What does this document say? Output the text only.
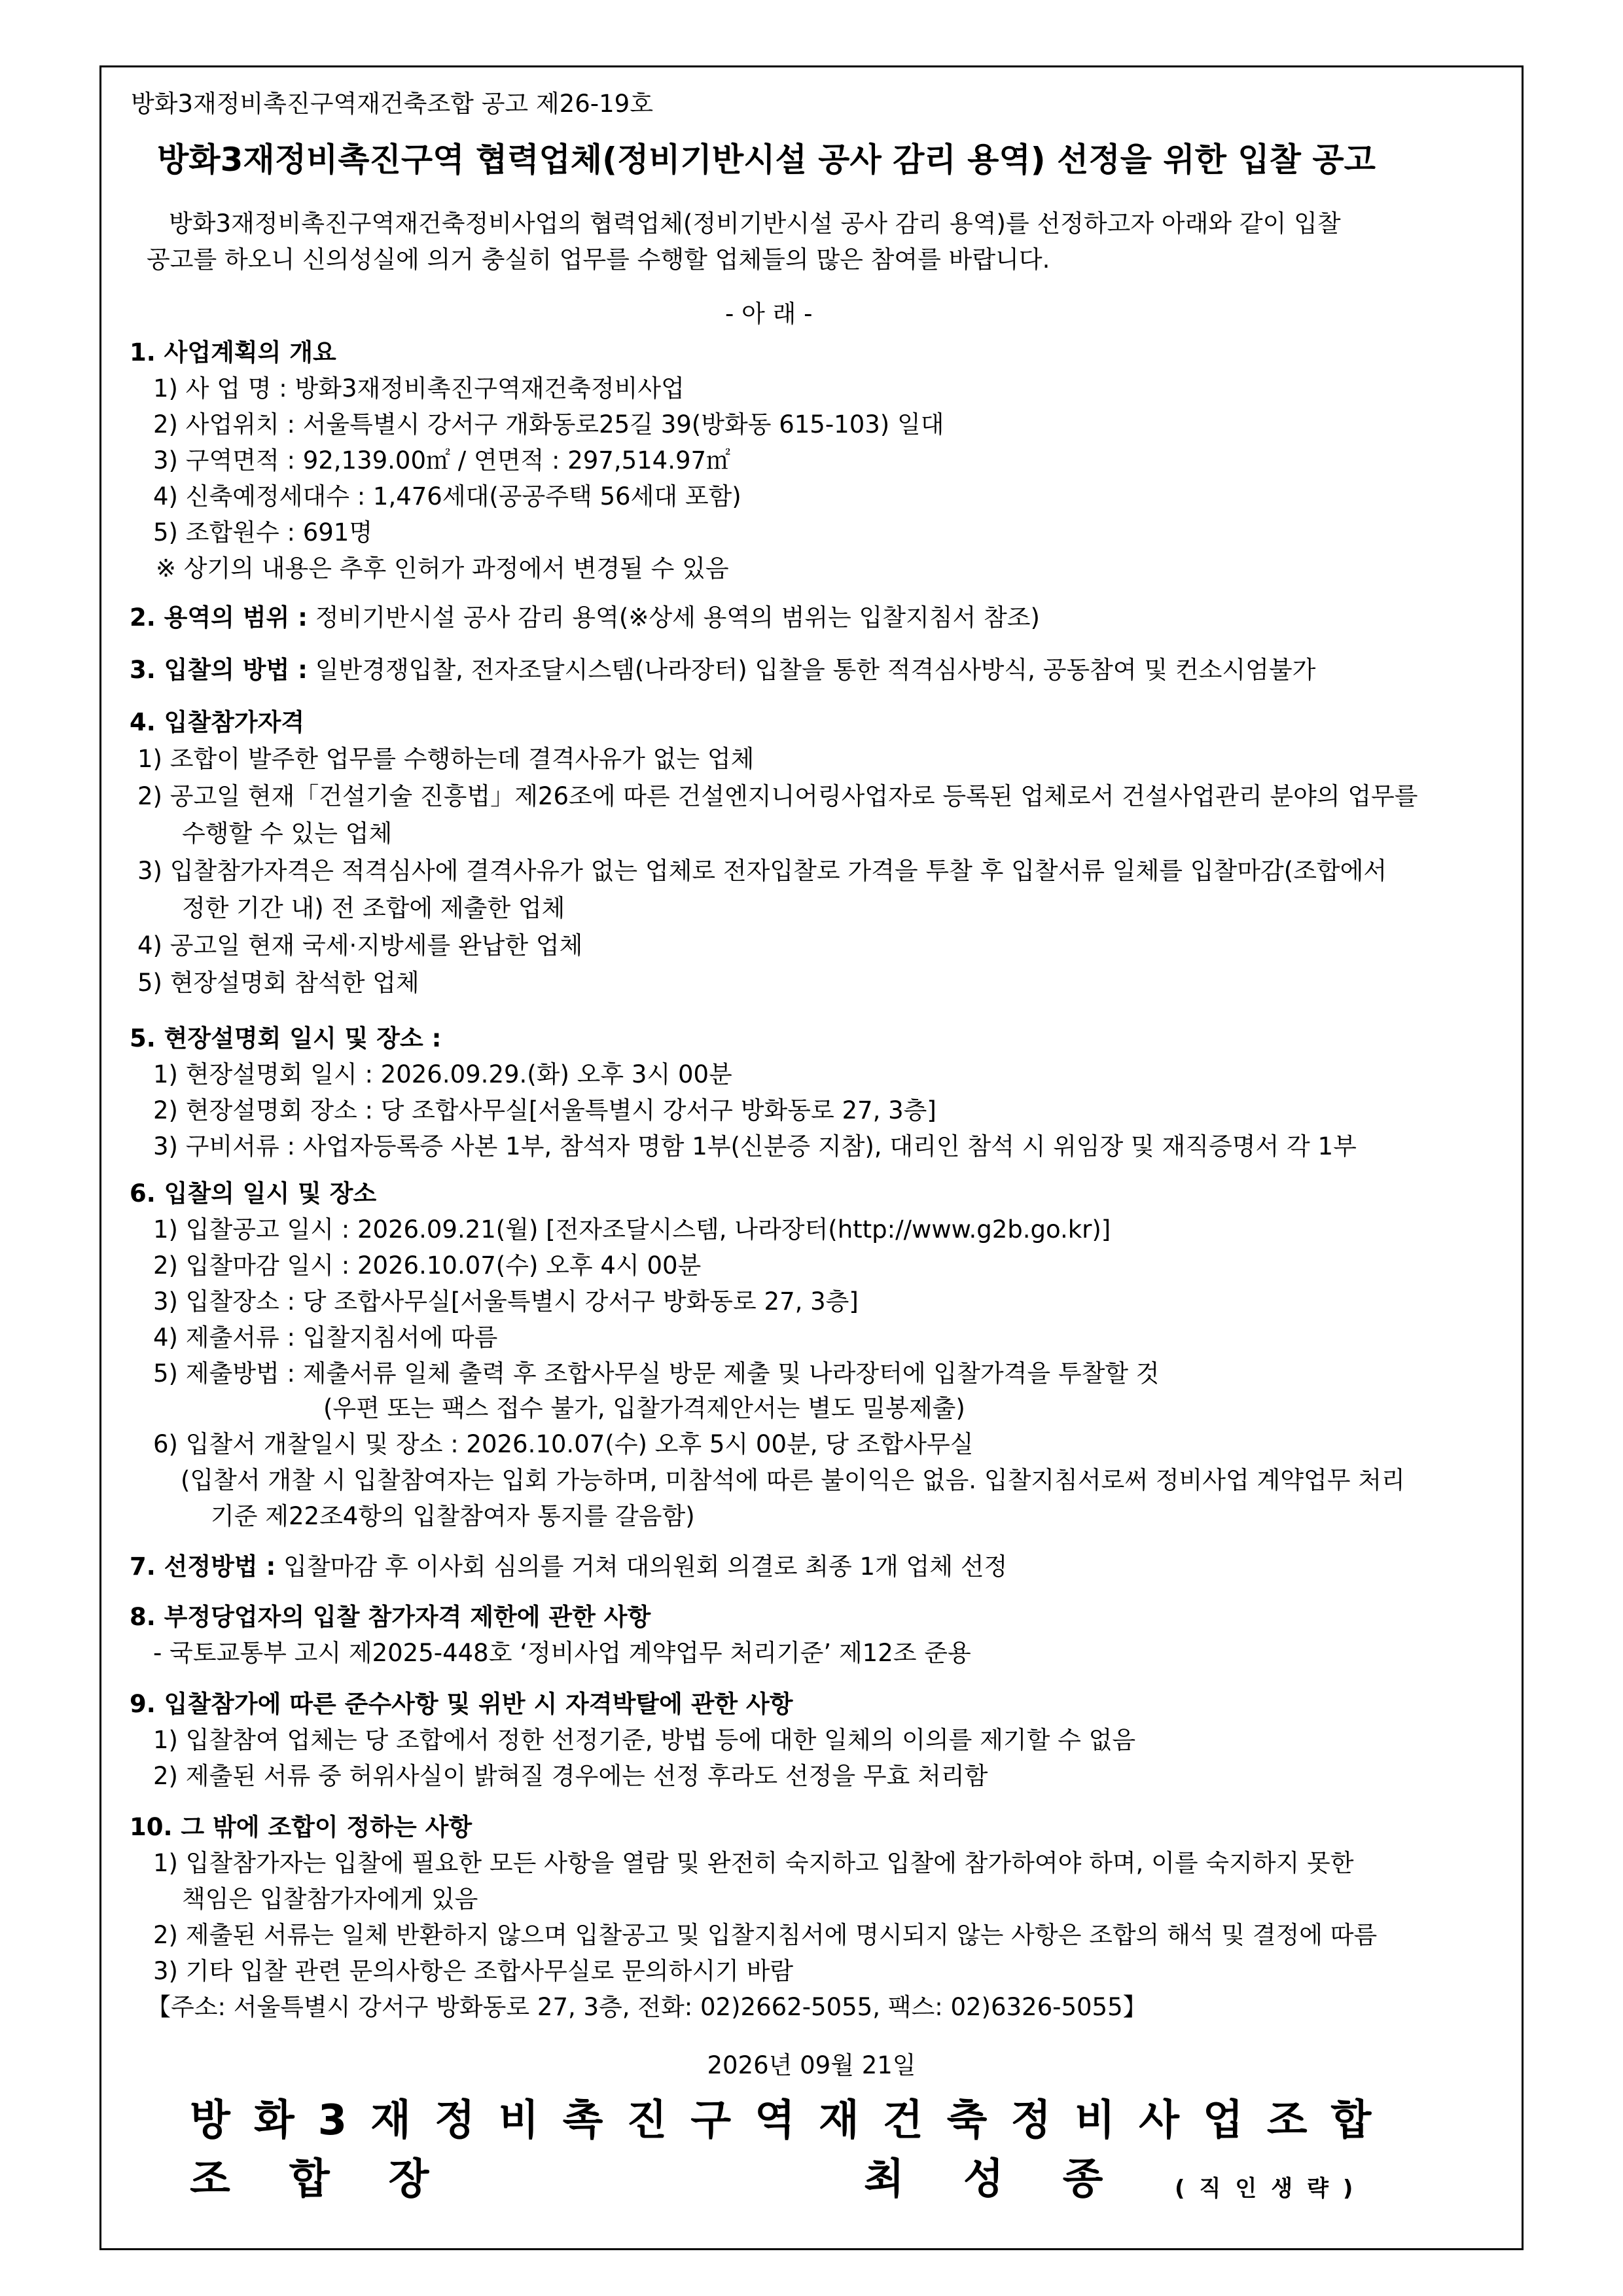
방화3재정비촉진구역재건축조합 공고 제26-19호
방화3재정비촉진구역 협력업체(정비기반시설 공사 감리 용역) 선정을 위한 입찰 공고
방화3재정비촉진구역재건축정비사업의 협력업체(정비기반시설 공사 감리 용역)를 선정하고자 아래와 같이 입찰
공고를 하오니 신의성실에 의거 충실히 업무를 수행할 업체들의 많은 참여를 바랍니다.
- 아 래 -
1. 사업계획의 개요
1) 사 업 명 : 방화3재정비촉진구역재건축정비사업
2) 사업위치 : 서울특별시 강서구 개화동로25길 39(방화동 615-103) 일대
3) 구역면적 : 92,139.00㎡ / 연면적 : 297,514.97㎡
4) 신축예정세대수 : 1,476세대(공공주택 56세대 포함)
5) 조합원수 : 691명
※ 상기의 내용은 추후 인허가 과정에서 변경될 수 있음
2. 용역의 범위 : 정비기반시설 공사 감리 용역(※상세 용역의 범위는 입찰지침서 참조)
3. 입찰의 방법 : 일반경쟁입찰, 전자조달시스템(나라장터) 입찰을 통한 적격심사방식, 공동참여 및 컨소시엄불가
4. 입찰참가자격
1) 조합이 발주한 업무를 수행하는데 결격사유가 없는 업체
2) 공고일 현재「건설기술 진흥법」제26조에 따른 건설엔지니어링사업자로 등록된 업체로서 건설사업관리 분야의 업무를
수행할 수 있는 업체
3) 입찰참가자격은 적격심사에 결격사유가 없는 업체로 전자입찰로 가격을 투찰 후 입찰서류 일체를 입찰마감(조합에서
정한 기간 내) 전 조합에 제출한 업체
4) 공고일 현재 국세·지방세를 완납한 업체
5) 현장설명회 참석한 업체
5. 현장설명회 일시 및 장소 :
1) 현장설명회 일시 : 2026.09.29.(화) 오후 3시 00분
2) 현장설명회 장소 : 당 조합사무실[서울특별시 강서구 방화동로 27, 3층]
3) 구비서류 : 사업자등록증 사본 1부, 참석자 명함 1부(신분증 지참), 대리인 참석 시 위임장 및 재직증명서 각 1부
6. 입찰의 일시 및 장소
1) 입찰공고 일시 : 2026.09.21(월) [전자조달시스템, 나라장터(http://www.g2b.go.kr)]
2) 입찰마감 일시 : 2026.10.07(수) 오후 4시 00분
3) 입찰장소 : 당 조합사무실[서울특별시 강서구 방화동로 27, 3층]
4) 제출서류 : 입찰지침서에 따름
5) 제출방법 : 제출서류 일체 출력 후 조합사무실 방문 제출 및 나라장터에 입찰가격을 투찰할 것
(우편 또는 팩스 접수 불가, 입찰가격제안서는 별도 밀봉제출)
6) 입찰서 개찰일시 및 장소 : 2026.10.07(수) 오후 5시 00분, 당 조합사무실
(입찰서 개찰 시 입찰참여자는 입회 가능하며, 미참석에 따른 불이익은 없음. 입찰지침서로써 정비사업 계약업무 처리
기준 제22조4항의 입찰참여자 통지를 갈음함)
7. 선정방법 : 입찰마감 후 이사회 심의를 거쳐 대의원회 의결로 최종 1개 업체 선정
8. 부정당업자의 입찰 참가자격 제한에 관한 사항
- 국토교통부 고시 제2025-448호 ‘정비사업 계약업무 처리기준’ 제12조 준용
9. 입찰참가에 따른 준수사항 및 위반 시 자격박탈에 관한 사항
1) 입찰참여 업체는 당 조합에서 정한 선정기준, 방법 등에 대한 일체의 이의를 제기할 수 없음
2) 제출된 서류 중 허위사실이 밝혀질 경우에는 선정 후라도 선정을 무효 처리함
10. 그 밖에 조합이 정하는 사항
1) 입찰참가자는 입찰에 필요한 모든 사항을 열람 및 완전히 숙지하고 입찰에 참가하여야 하며, 이를 숙지하지 못한
책임은 입찰참가자에게 있음
2) 제출된 서류는 일체 반환하지 않으며 입찰공고 및 입찰지침서에 명시되지 않는 사항은 조합의 해석 및 결정에 따름
3) 기타 입찰 관련 문의사항은 조합사무실로 문의하시기 바람
【주소: 서울특별시 강서구 방화동로 27, 3층, 전화: 02)2662-5055, 팩스: 02)6326-5055】
2026년 09월 21일
방화3재정비촉진구역재건축정비사업조합
조합장	최성종 (직인생략)
